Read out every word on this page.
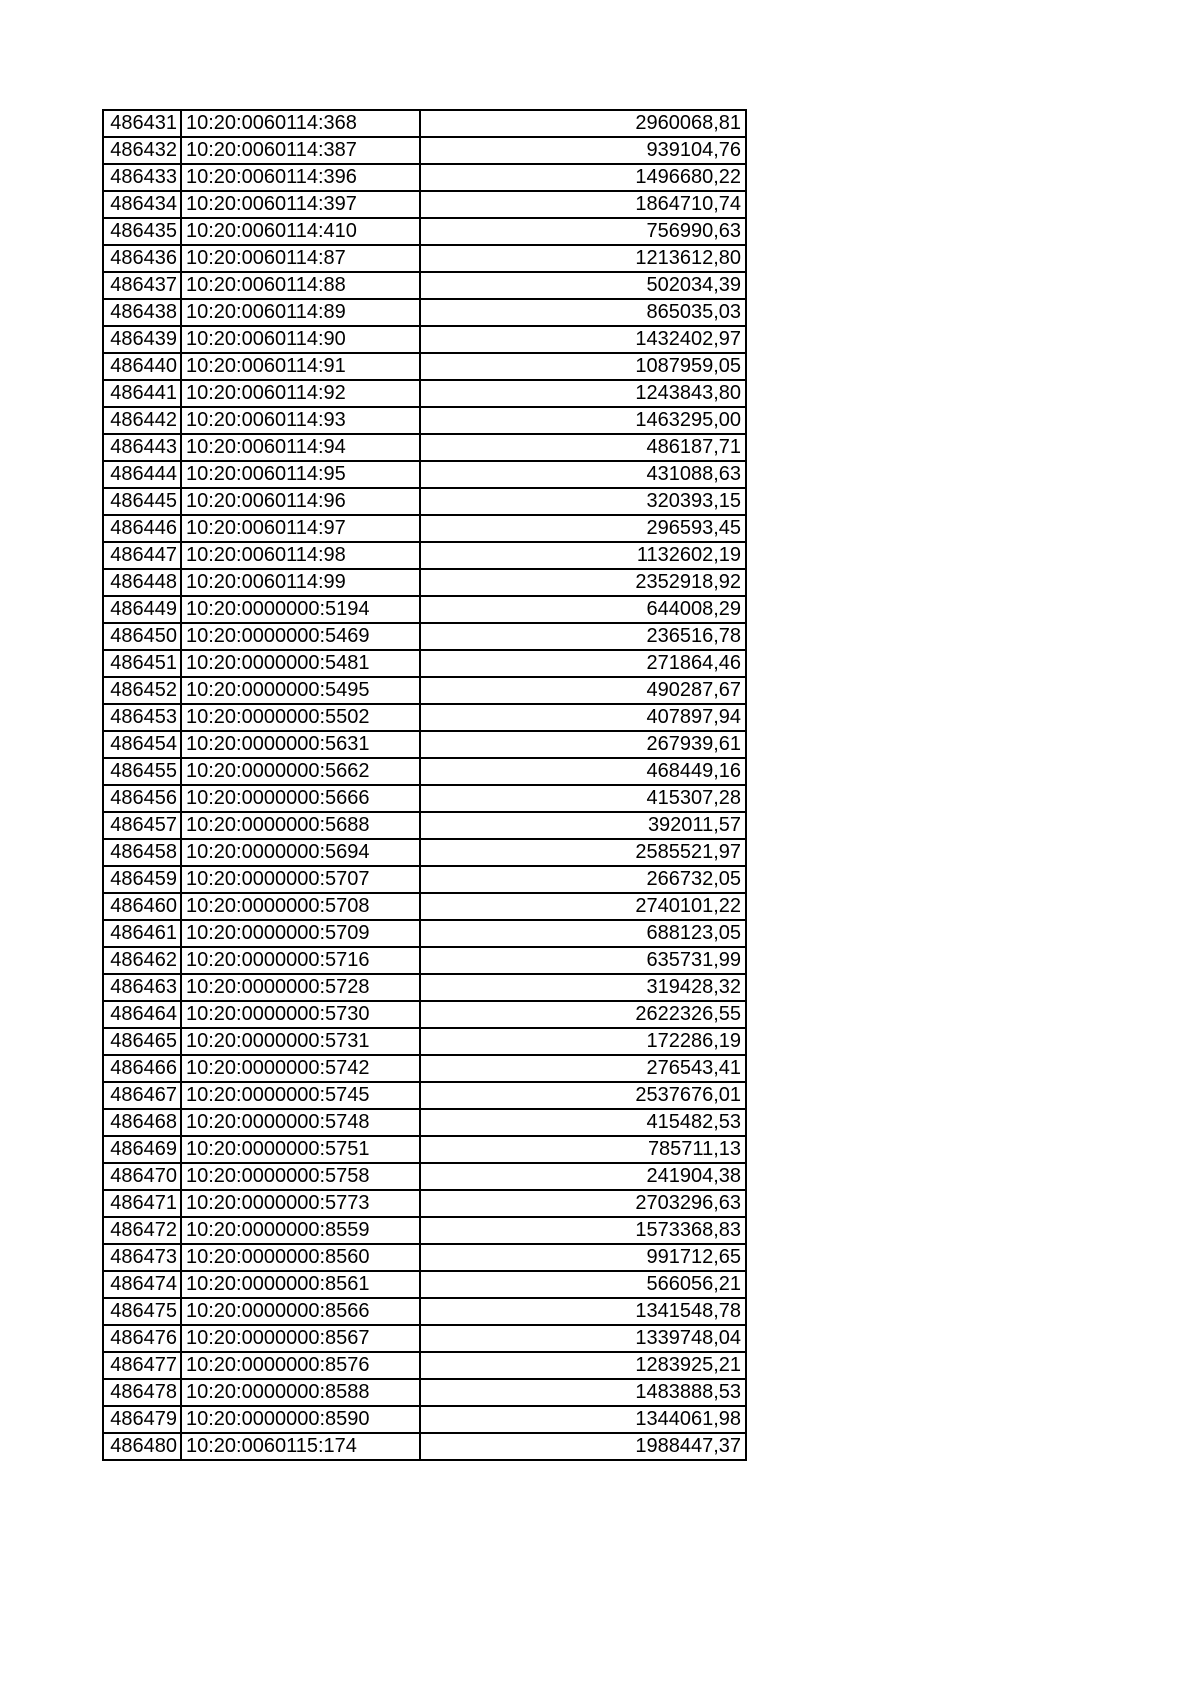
486431	10:20:0060114:368	2960068,81
486432	10:20:0060114:387	939104,76
486433	10:20:0060114:396	1496680,22
486434	10:20:0060114:397	1864710,74
486435	10:20:0060114:410	756990,63
486436	10:20:0060114:87	1213612,80
486437	10:20:0060114:88	502034,39
486438	10:20:0060114:89	865035,03
486439	10:20:0060114:90	1432402,97
486440	10:20:0060114:91	1087959,05
486441	10:20:0060114:92	1243843,80
486442	10:20:0060114:93	1463295,00
486443	10:20:0060114:94	486187,71
486444	10:20:0060114:95	431088,63
486445	10:20:0060114:96	320393,15
486446	10:20:0060114:97	296593,45
486447	10:20:0060114:98	1132602,19
486448	10:20:0060114:99	2352918,92
486449	10:20:0000000:5194	644008,29
486450	10:20:0000000:5469	236516,78
486451	10:20:0000000:5481	271864,46
486452	10:20:0000000:5495	490287,67
486453	10:20:0000000:5502	407897,94
486454	10:20:0000000:5631	267939,61
486455	10:20:0000000:5662	468449,16
486456	10:20:0000000:5666	415307,28
486457	10:20:0000000:5688	392011,57
486458	10:20:0000000:5694	2585521,97
486459	10:20:0000000:5707	266732,05
486460	10:20:0000000:5708	2740101,22
486461	10:20:0000000:5709	688123,05
486462	10:20:0000000:5716	635731,99
486463	10:20:0000000:5728	319428,32
486464	10:20:0000000:5730	2622326,55
486465	10:20:0000000:5731	172286,19
486466	10:20:0000000:5742	276543,41
486467	10:20:0000000:5745	2537676,01
486468	10:20:0000000:5748	415482,53
486469	10:20:0000000:5751	785711,13
486470	10:20:0000000:5758	241904,38
486471	10:20:0000000:5773	2703296,63
486472	10:20:0000000:8559	1573368,83
486473	10:20:0000000:8560	991712,65
486474	10:20:0000000:8561	566056,21
486475	10:20:0000000:8566	1341548,78
486476	10:20:0000000:8567	1339748,04
486477	10:20:0000000:8576	1283925,21
486478	10:20:0000000:8588	1483888,53
486479	10:20:0000000:8590	1344061,98
486480	10:20:0060115:174	1988447,37
